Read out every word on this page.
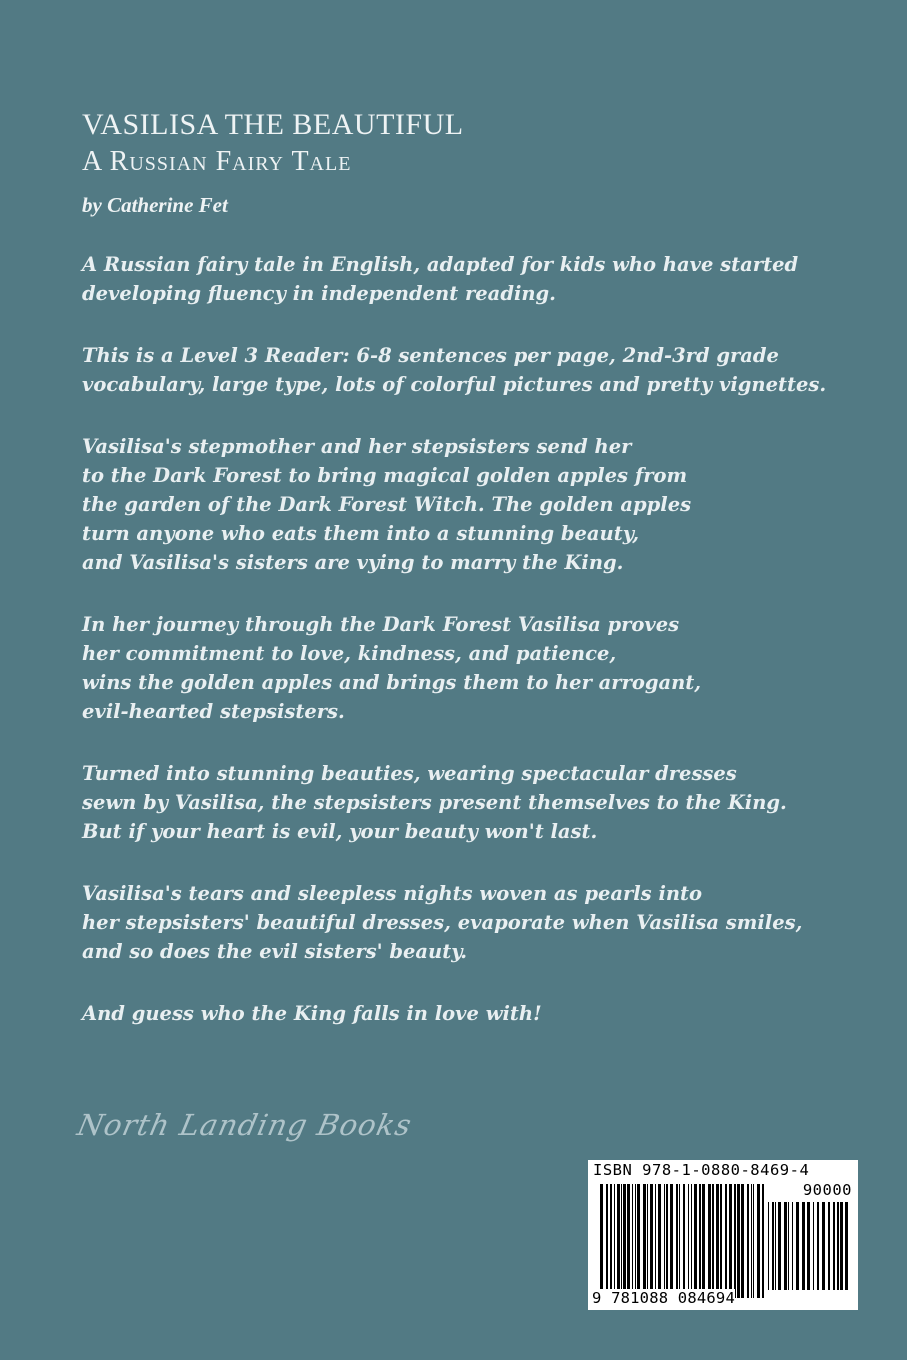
VASILISA THE BEAUTIFUL
A Russian Fairy Tale
by Catherine Fet

A Russian fairy tale in English, adapted for kids who have started
developing fluency in independent reading.

This is a Level 3 Reader: 6-8 sentences per page, 2nd-3rd grade
vocabulary, large type, lots of colorful pictures and pretty vignettes.

Vasilisa's stepmother and her stepsisters send her
to the Dark Forest to bring magical golden apples from
the garden of the Dark Forest Witch. The golden apples
turn anyone who eats them into a stunning beauty,
and Vasilisa's sisters are vying to marry the King.

In her journey through the Dark Forest Vasilisa proves
her commitment to love, kindness, and patience,
wins the golden apples and brings them to her arrogant,
evil-hearted stepsisters.

Turned into stunning beauties, wearing spectacular dresses
sewn by Vasilisa, the stepsisters present themselves to the King.
But if your heart is evil, your beauty won't last.

Vasilisa's tears and sleepless nights woven as pearls into
her stepsisters' beautiful dresses, evaporate when Vasilisa smiles,
and so does the evil sisters' beauty.

And guess who the King falls in love with!

North Landing Books
ISBN 978-1-0880-8469-4
90000
9 781088 084694
